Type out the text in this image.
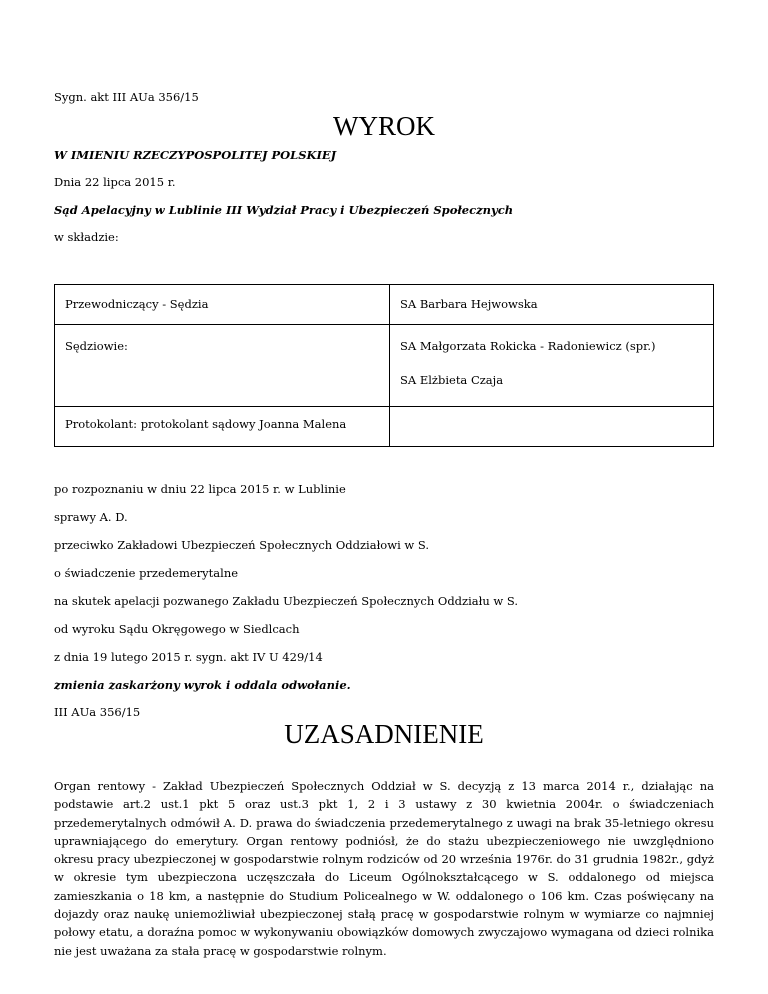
Sygn. akt III AUa 356/15
WYROK
W IMIENIU RZECZYPOSPOLITEJ POLSKIEJ
Dnia 22 lipca 2015 r.
Sąd Apelacyjny w Lublinie III Wydział Pracy i Ubezpieczeń Społecznych
w składzie:

Przewodniczący - Sędzia	SA Barbara Hejwowska

Sędziowie:	SA Małgorzata Rokicka - Radoniewicz (spr.)

SA Elżbieta Czaja

Protokolant: protokolant sądowy Joanna Malena	

po rozpoznaniu w dniu 22 lipca 2015 r. w Lublinie
sprawy A. D.
przeciwko Zakładowi Ubezpieczeń Społecznych Oddziałowi w S.
o świadczenie przedemerytalne
na skutek apelacji pozwanego Zakładu Ubezpieczeń Społecznych Oddziału w S.
od wyroku Sądu Okręgowego w Siedlcach
z dnia 19 lutego 2015 r. sygn. akt IV U 429/14
zmienia zaskarżony wyrok i oddala odwołanie.
III AUa 356/15
UZASADNIENIE
Organ rentowy - Zakład Ubezpieczeń Społecznych Oddział w S. decyzją z 13 marca 2014 r., działając na podstawie art.2 ust.1 pkt 5 oraz ust.3 pkt 1, 2 i 3 ustawy z 30 kwietnia 2004r. o świadczeniach przedemerytalnych odmówił A. D. prawa do świadczenia przedemerytalnego z uwagi na brak 35-letniego okresu uprawniającego do emerytury. Organ rentowy podniósł, że do stażu ubezpieczeniowego nie uwzględniono okresu pracy ubezpieczonej w gospodarstwie rolnym rodziców od 20 września 1976r. do 31 grudnia 1982r., gdyż w okresie tym ubezpieczona uczęszczała do Liceum Ogólnokształcącego w S. oddalonego od miejsca zamieszkania o 18 km, a następnie do Studium Policealnego w W. oddalonego o 106 km. Czas poświęcany na dojazdy oraz naukę uniemożliwiał ubezpieczonej stałą pracę w gospodarstwie rolnym w wymiarze co najmniej połowy etatu, a doraźna pomoc w wykonywaniu obowiązków domowych zwyczajowo wymagana od dzieci rolnika nie jest uważana za stała pracę w gospodarstwie rolnym.
